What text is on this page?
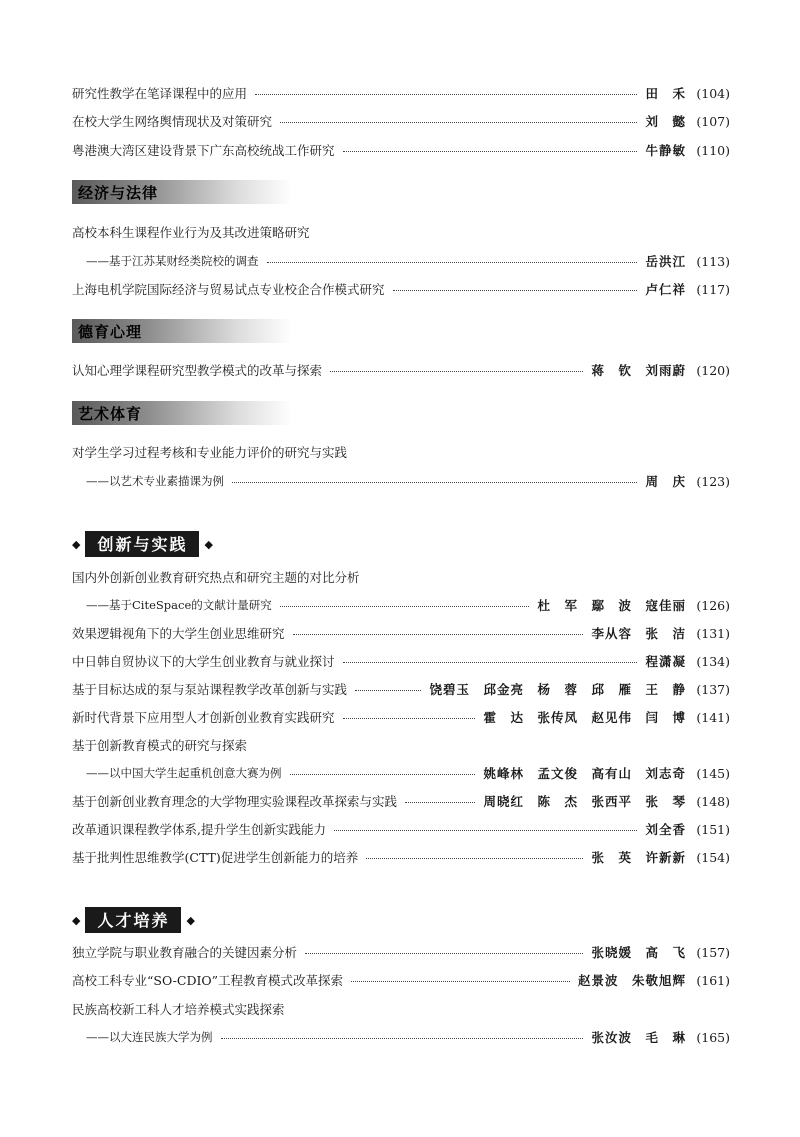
研究性教学在笔译课程中的应用	田　禾 (104)
在校大学生网络舆情现状及对策研究	刘　懿 (107)
粤港澳大湾区建设背景下广东高校统战工作研究	牛静敏 (110)
经济与法律
高校本科生课程作业行为及其改进策略研究
——基于江苏某财经类院校的调查	岳洪江 (113)
上海电机学院国际经济与贸易试点专业校企合作模式研究	卢仁祥 (117)
德育心理
认知心理学课程研究型教学模式的改革与探索	蒋　钦　刘雨蔚 (120)
艺术体育
对学生学习过程考核和专业能力评价的研究与实践
——以艺术专业素描课为例	周　庆 (123)
◆	创新与实践	◆
国内外创新创业教育研究热点和研究主题的对比分析
——基于CiteSpace的文献计量研究	杜　军　鄢　波　寇佳丽 (126)
效果逻辑视角下的大学生创业思维研究	李从容　张　洁 (131)
中日韩自贸协议下的大学生创业教育与就业探讨	程潇凝 (134)
基于目标达成的泵与泵站课程教学改革创新与实践	饶碧玉　邱金亮　杨　蓉　邱　雁　王　静 (137)
新时代背景下应用型人才创新创业教育实践研究	霍　达　张传凤　赵见伟　闫　博 (141)
基于创新教育模式的研究与探索
——以中国大学生起重机创意大赛为例	姚峰林　孟文俊　高有山　刘志奇 (145)
基于创新创业教育理念的大学物理实验课程改革探索与实践	周晓红　陈　杰　张西平　张　琴 (148)
改革通识课程教学体系,提升学生创新实践能力	刘全香 (151)
基于批判性思维教学(CTT)促进学生创新能力的培养	张　英　许新新 (154)
◆	人才培养	◆
独立学院与职业教育融合的关键因素分析	张晓媛　高　飞 (157)
高校工科专业“SO-CDIO”工程教育模式改革探索	赵景波　朱敬旭辉 (161)
民族高校新工科人才培养模式实践探索
——以大连民族大学为例	张汝波　毛　琳 (165)
